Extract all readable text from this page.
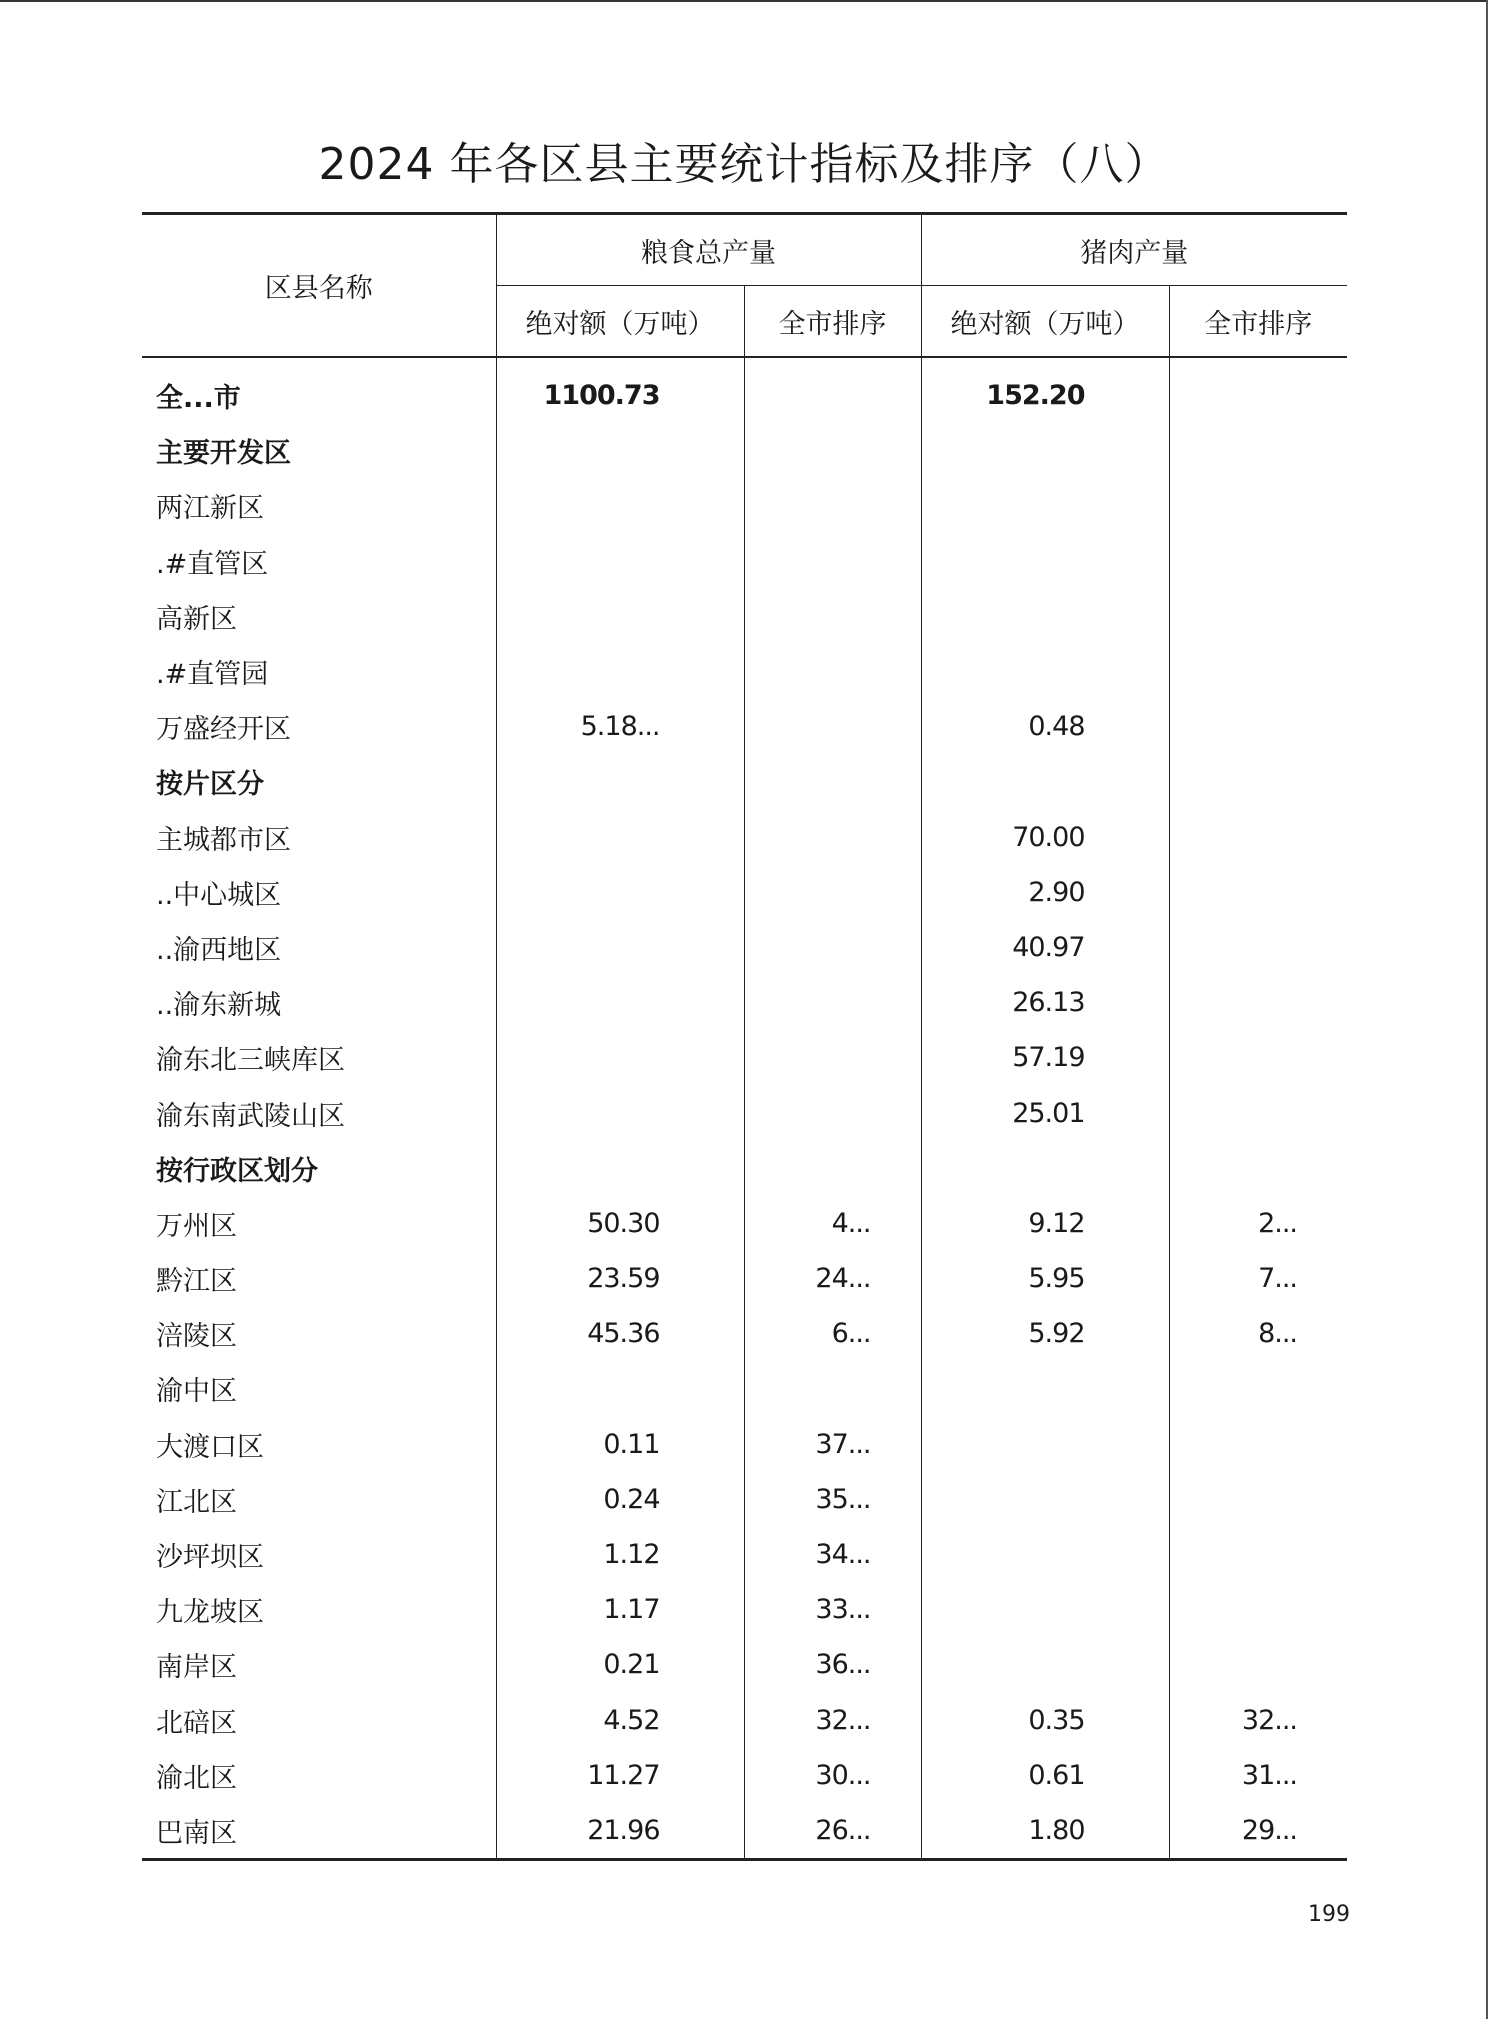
2024 年各区县主要统计指标及排序（八）
区县名称	粮食总产量		猪肉产量	
	绝对额（万吨）	全市排序	绝对额（万吨）	全市排序
全...市	1100.73		152.20	
主要开发区				
两江新区				
.#直管区				
高新区				
.#直管园				
万盛经开区	5.18...		0.48	
按片区分				
主城都市区			70.00	
..中心城区			2.90	
..渝西地区			40.97	
..渝东新城			26.13	
渝东北三峡库区			57.19	
渝东南武陵山区			25.01	
按行政区划分				
万州区	50.30	4...	9.12	2...
黔江区	23.59	24...	5.95	7...
涪陵区	45.36	6...	5.92	8...
渝中区				
大渡口区	0.11	37...		
江北区	0.24	35...		
沙坪坝区	1.12	34...		
九龙坡区	1.17	33...		
南岸区	0.21	36...		
北碚区	4.52	32...	0.35	32...
渝北区	11.27	30...	0.61	31...
巴南区	21.96	26...	1.80	29...
199
